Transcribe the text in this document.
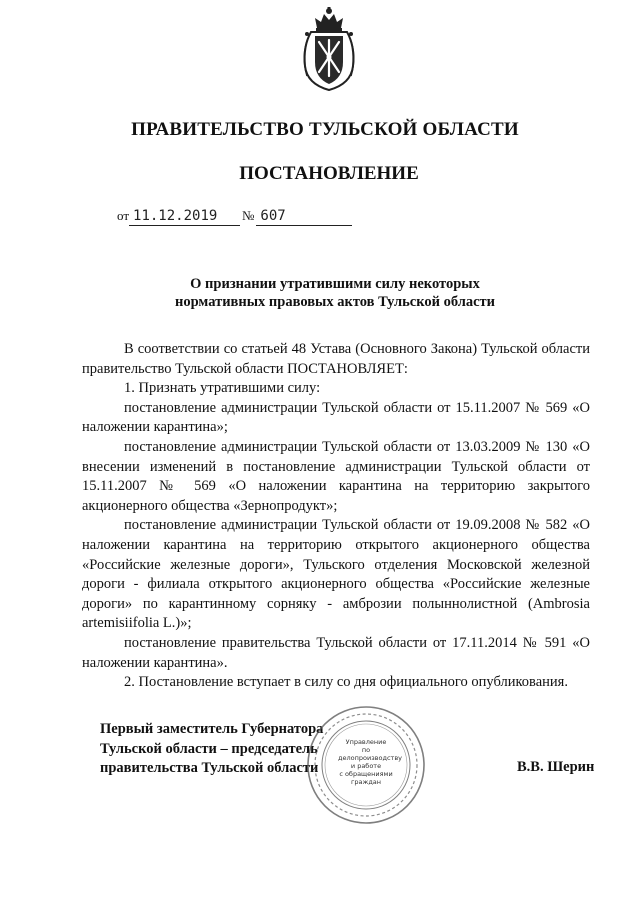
ПРАВИТЕЛЬСТВО ТУЛЬСКОЙ ОБЛАСТИ
ПОСТАНОВЛЕНИЕ
от 11.12.2019 № 607
О признании утратившими силу некоторых
нормативных правовых актов Тульской области

В соответствии со статьей 48 Устава (Основного Закона) Тульской области правительство Тульской области ПОСТАНОВЛЯЕТ:

1. Признать утратившими силу:

постановление администрации Тульской области от 15.11.2007 № 569 «О наложении карантина»;

постановление администрации Тульской области от 13.03.2009 № 130 «О внесении изменений в постановление администрации Тульской области от 15.11.2007 № 569 «О наложении карантина на территорию закрытого акционерного общества «Зернопродукт»;

постановление администрации Тульской области от 19.09.2008 № 582 «О наложении карантина на территорию открытого акционерного общества «Российские железные дороги», Тульского отделения Московской железной дороги - филиала открытого акционерного общества «Российские железные дороги» по карантинному сорняку - амброзии полыннолистной (Ambrosia artemisiifolia L.)»;

постановление правительства Тульской области от 17.11.2014 № 591 «О наложении карантина».

2. Постановление вступает в силу со дня официального опубликования.

Первый заместитель Губернатора
Тульской области – председатель
правительства Тульской области
Управление
по делопроизводству
и работе
с обращениями
граждан
В.В. Шерин
